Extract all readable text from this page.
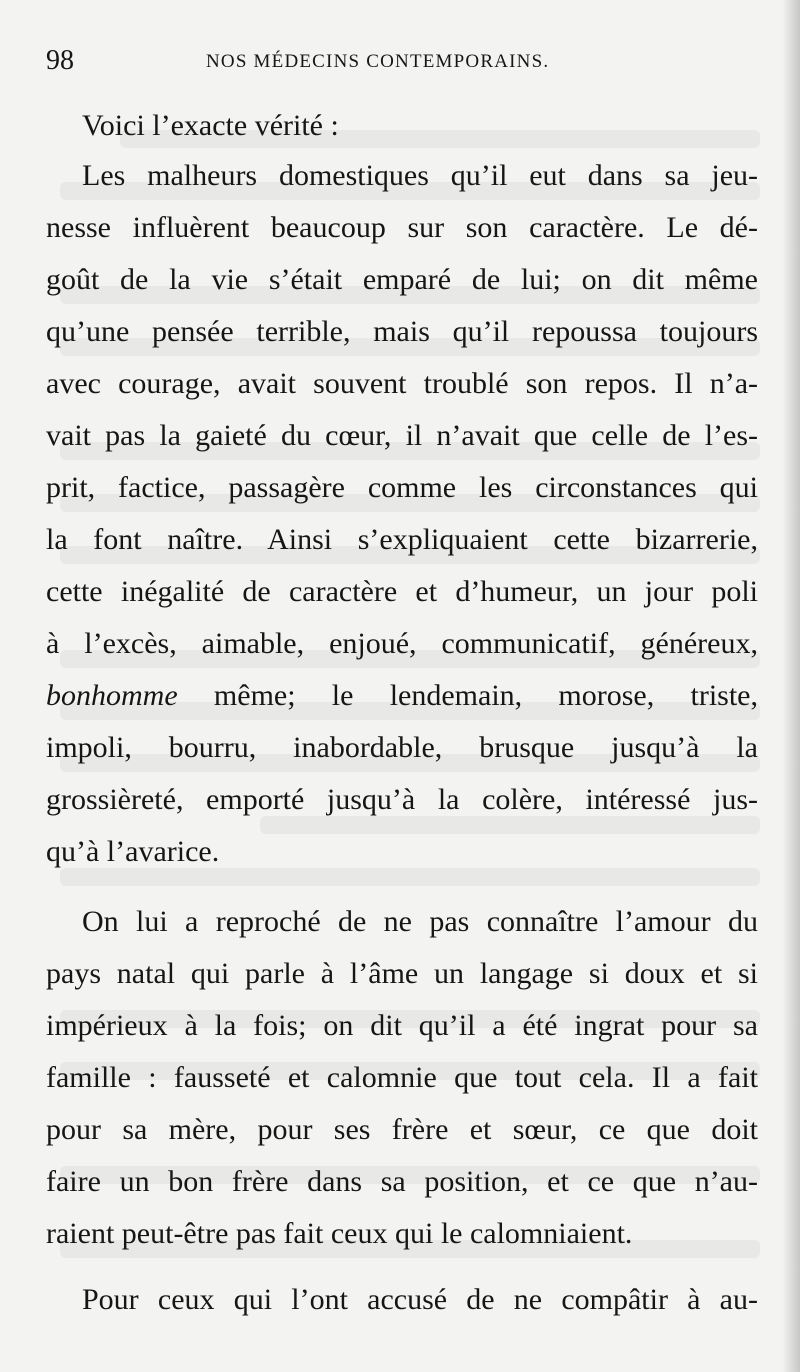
98	NOS MÉDECINS CONTEMPORAINS.
Voici l’exacte vérité :
Les malheurs domestiques qu’il eut dans sa jeu-
nesse influèrent beaucoup sur son caractère. Le dé-
goût de la vie s’était emparé de lui; on dit même
qu’une pensée terrible, mais qu’il repoussa toujours
avec courage, avait souvent troublé son repos. Il n’a-
vait pas la gaieté du cœur, il n’avait que celle de l’es-
prit, factice, passagère comme les circonstances qui
la font naître. Ainsi s’expliquaient cette bizarrerie,
cette inégalité de caractère et d’humeur, un jour poli
à l’excès, aimable, enjoué, communicatif, généreux,
bonhomme même; le lendemain, morose, triste,
impoli, bourru, inabordable, brusque jusqu’à la
grossièreté, emporté jusqu’à la colère, intéressé jus-
qu’à l’avarice.
On lui a reproché de ne pas connaître l’amour du
pays natal qui parle à l’âme un langage si doux et si
impérieux à la fois; on dit qu’il a été ingrat pour sa
famille : fausseté et calomnie que tout cela. Il a fait
pour sa mère, pour ses frère et sœur, ce que doit
faire un bon frère dans sa position, et ce que n’au-
raient peut-être pas fait ceux qui le calomniaient.
Pour ceux qui l’ont accusé de ne compâtir à au-
